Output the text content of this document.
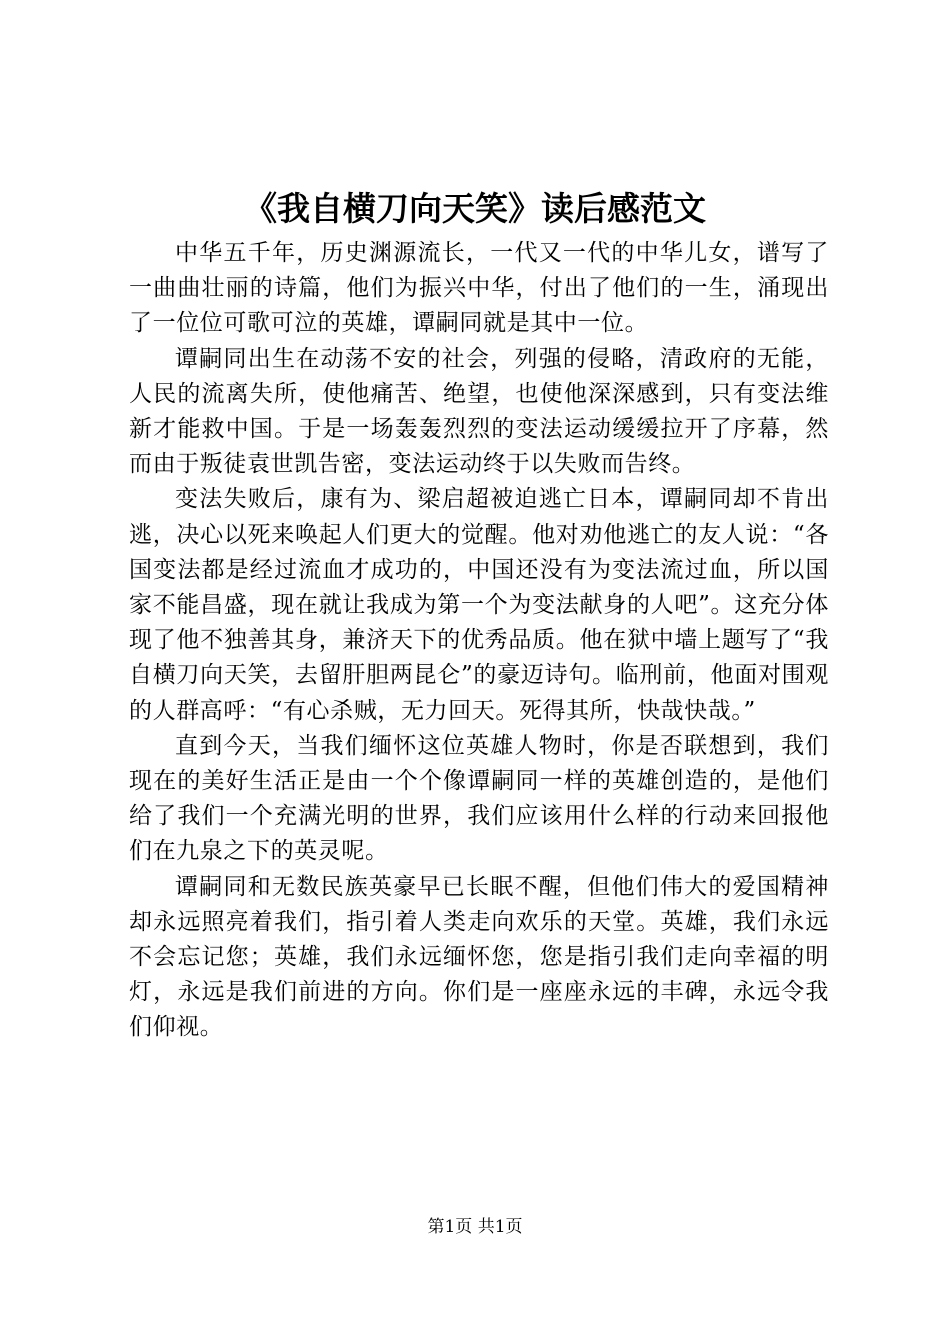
《我自横刀向天笑》读后感范文

中华五千年，历史渊源流长，一代又一代的中华儿女，谱写了一曲曲壮丽的诗篇，他们为振兴中华，付出了他们的一生，涌现出了一位位可歌可泣的英雄，谭嗣同就是其中一位。

谭嗣同出生在动荡不安的社会，列强的侵略，清政府的无能，人民的流离失所，使他痛苦、绝望，也使他深深感到，只有变法维新才能救中国。于是一场轰轰烈烈的变法运动缓缓拉开了序幕，然而由于叛徒袁世凯告密，变法运动终于以失败而告终。

变法失败后，康有为、梁启超被迫逃亡日本，谭嗣同却不肯出逃，决心以死来唤起人们更大的觉醒。他对劝他逃亡的友人说：“各国变法都是经过流血才成功的，中国还没有为变法流过血，所以国家不能昌盛，现在就让我成为第一个为变法献身的人吧”。这充分体现了他不独善其身，兼济天下的优秀品质。他在狱中墙上题写了“我自横刀向天笑，去留肝胆两昆仑”的豪迈诗句。临刑前，他面对围观的人群高呼：“有心杀贼，无力回天。死得其所，快哉快哉。”

直到今天，当我们缅怀这位英雄人物时，你是否联想到，我们现在的美好生活正是由一个个像谭嗣同一样的英雄创造的，是他们给了我们一个充满光明的世界，我们应该用什么样的行动来回报他们在九泉之下的英灵呢。

谭嗣同和无数民族英豪早已长眠不醒，但他们伟大的爱国精神却永远照亮着我们，指引着人类走向欢乐的天堂。英雄，我们永远不会忘记您；英雄，我们永远缅怀您，您是指引我们走向幸福的明灯，永远是我们前进的方向。你们是一座座永远的丰碑，永远令我们仰视。

第1页 共1页
